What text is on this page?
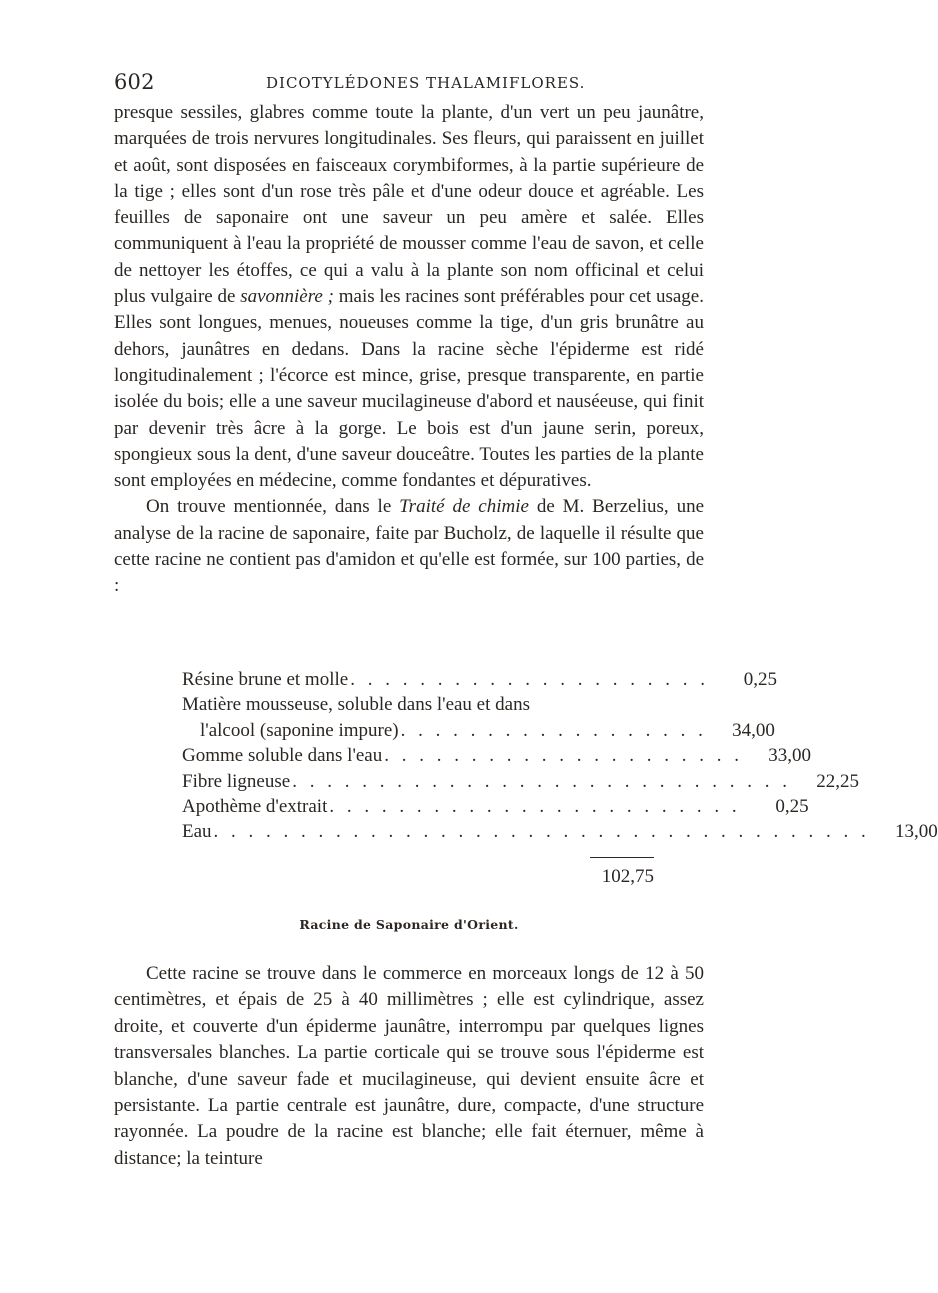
602	DICOTYLÉDONES THALAMIFLORES.

presque sessiles, glabres comme toute la plante, d'un vert un peu jaunâtre, marquées de trois nervures longitudinales. Ses fleurs, qui paraissent en juillet et août, sont disposées en faisceaux corymbiformes, à la partie supérieure de la tige ; elles sont d'un rose très pâle et d'une odeur douce et agréable. Les feuilles de saponaire ont une saveur un peu amère et salée. Elles communiquent à l'eau la propriété de mousser comme l'eau de savon, et celle de nettoyer les étoffes, ce qui a valu à la plante son nom officinal et celui plus vulgaire de savonnière ; mais les racines sont préférables pour cet usage. Elles sont longues, menues, noueuses comme la tige, d'un gris brunâtre au dehors, jaunâtres en dedans. Dans la racine sèche l'épiderme est ridé longitudinalement ; l'écorce est mince, grise, presque transparente, en partie isolée du bois; elle a une saveur mucilagineuse d'abord et nauséeuse, qui finit par devenir très âcre à la gorge. Le bois est d'un jaune serin, poreux, spongieux sous la dent, d'une saveur douceâtre. Toutes les parties de la plante sont employées en médecine, comme fondantes et dépuratives.

On trouve mentionnée, dans le Traité de chimie de M. Berzelius, une analyse de la racine de saponaire, faite par Bucholz, de laquelle il résulte que cette racine ne contient pas d'amidon et qu'elle est formée, sur 100 parties, de :

Résine brune et molle . . . . . . . . . . . . . . . . . . . . .	0,25
Matière mousseuse, soluble dans l'eau et dans
l'alcool (saponine impure) . . . . . . . . . . . . . . . . . .	34,00
Gomme soluble dans l'eau . . . . . . . . . . . . . . . . . . . . .	33,00
Fibre ligneuse . . . . . . . . . . . . . . . . . . . . . . . . . . . . .	22,25
Apothème d'extrait . . . . . . . . . . . . . . . . . . . . . . . .	0,25
Eau . . . . . . . . . . . . . . . . . . . . . . . . . . . . . . . . . . . . . .	13,00
102,75
Racine de Saponaire d'Orient.

Cette racine se trouve dans le commerce en morceaux longs de 12 à 50 centimètres, et épais de 25 à 40 millimètres ; elle est cylindrique, assez droite, et couverte d'un épiderme jaunâtre, interrompu par quelques lignes transversales blanches. La partie corticale qui se trouve sous l'épiderme est blanche, d'une saveur fade et mucilagineuse, qui devient ensuite âcre et persistante. La partie centrale est jaunâtre, dure, compacte, d'une structure rayonnée. La poudre de la racine est blanche; elle fait éternuer, même à distance; la teinture
